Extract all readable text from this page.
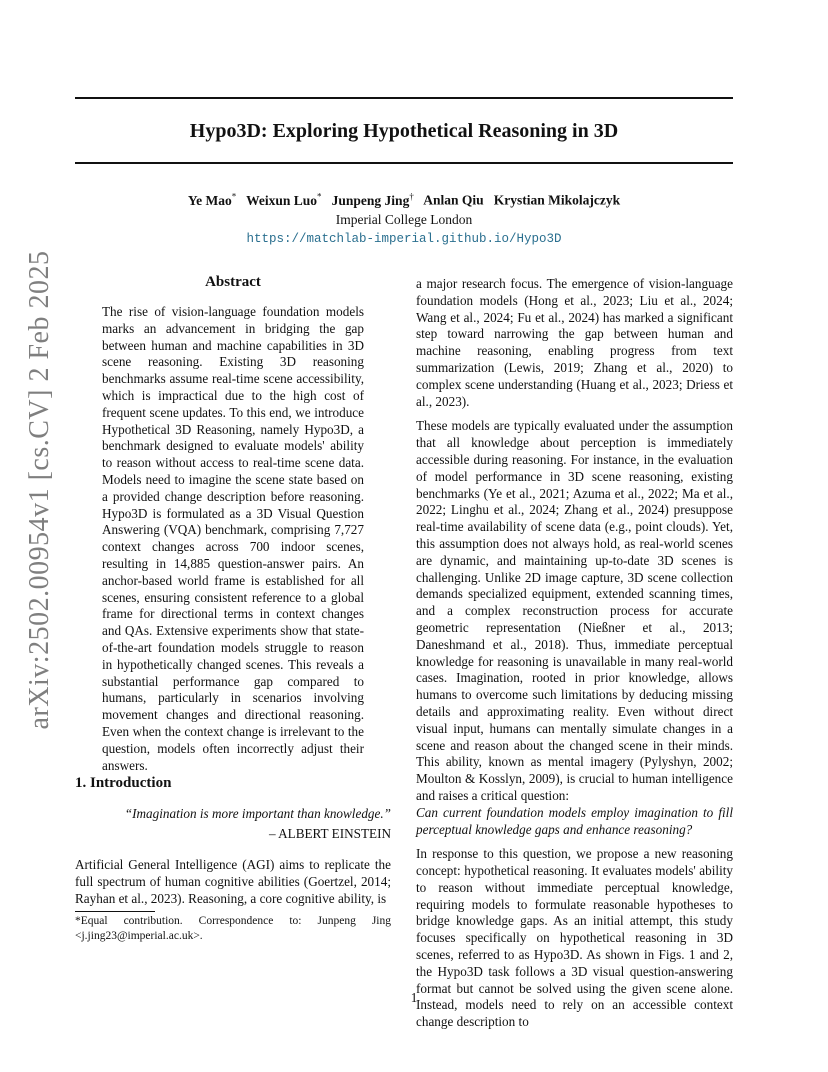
arXiv:2502.00954v1 [cs.CV] 2 Feb 2025
Hypo3D: Exploring Hypothetical Reasoning in 3D
Ye Mao* Weixun Luo* Junpeng Jing† Anlan Qiu Krystian Mikolajczyk
Imperial College London
https://matchlab-imperial.github.io/Hypo3D
Abstract
The rise of vision-language foundation models marks an advancement in bridging the gap between human and machine capabilities in 3D scene reasoning. Existing 3D reasoning benchmarks assume real-time scene accessibility, which is impractical due to the high cost of frequent scene updates. To this end, we introduce Hypothetical 3D Reasoning, namely Hypo3D, a benchmark designed to evaluate models' ability to reason without access to real-time scene data. Models need to imagine the scene state based on a provided change description before reasoning. Hypo3D is formulated as a 3D Visual Question Answering (VQA) benchmark, comprising 7,727 context changes across 700 indoor scenes, resulting in 14,885 question-answer pairs. An anchor-based world frame is established for all scenes, ensuring consistent reference to a global frame for directional terms in context changes and QAs. Extensive experiments show that state-of-the-art foundation models struggle to reason in hypothetically changed scenes. This reveals a substantial performance gap compared to humans, particularly in scenarios involving movement changes and directional reasoning. Even when the context change is irrelevant to the question, models often incorrectly adjust their answers.
1. Introduction
“Imagination is more important than knowledge.”
– ALBERT EINSTEIN
Artificial General Intelligence (AGI) aims to replicate the full spectrum of human cognitive abilities (Goertzel, 2014; Rayhan et al., 2023). Reasoning, a core cognitive ability, is
*Equal contribution. Correspondence to: Junpeng Jing <j.jing23@imperial.ac.uk>.

a major research focus. The emergence of vision-language foundation models (Hong et al., 2023; Liu et al., 2024; Wang et al., 2024; Fu et al., 2024) has marked a significant step toward narrowing the gap between human and machine reasoning, enabling progress from text summarization (Lewis, 2019; Zhang et al., 2020) to complex scene understanding (Huang et al., 2023; Driess et al., 2023).

These models are typically evaluated under the assumption that all knowledge about perception is immediately accessible during reasoning. For instance, in the evaluation of model performance in 3D scene reasoning, existing benchmarks (Ye et al., 2021; Azuma et al., 2022; Ma et al., 2022; Linghu et al., 2024; Zhang et al., 2024) presuppose real-time availability of scene data (e.g., point clouds). Yet, this assumption does not always hold, as real-world scenes are dynamic, and maintaining up-to-date 3D scenes is challenging. Unlike 2D image capture, 3D scene collection demands specialized equipment, extended scanning times, and a complex reconstruction process for accurate geometric representation (Nießner et al., 2013; Daneshmand et al., 2018). Thus, immediate perceptual knowledge for reasoning is unavailable in many real-world cases. Imagination, rooted in prior knowledge, allows humans to overcome such limitations by deducing missing details and approximating reality. Even without direct visual input, humans can mentally simulate changes in a scene and reason about the changed scene in their minds. This ability, known as mental imagery (Pylyshyn, 2002; Moulton & Kosslyn, 2009), is crucial to human intelligence and raises a critical question:

Can current foundation models employ imagination to fill perceptual knowledge gaps and enhance reasoning?

In response to this question, we propose a new reasoning concept: hypothetical reasoning. It evaluates models' ability to reason without immediate perceptual knowledge, requiring models to formulate reasonable hypotheses to bridge knowledge gaps. As an initial attempt, this study focuses specifically on hypothetical reasoning in 3D scenes, referred to as Hypo3D. As shown in Figs. 1 and 2, the Hypo3D task follows a 3D visual question-answering format but cannot be solved using the given scene alone. Instead, models need to rely on an accessible context change description to

1
